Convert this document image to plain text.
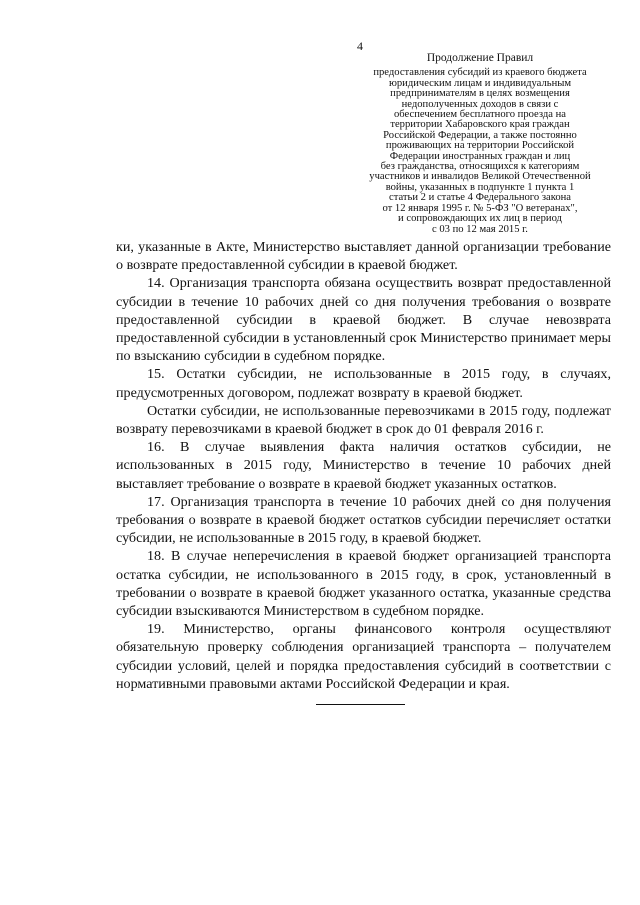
4
Продолжение Правил
предоставления субсидий из краевого бюджета
юридическим лицам и индивидуальным
предпринимателям в целях возмещения
недополученных доходов в связи с
обеспечением бесплатного проезда на
территории Хабаровского края граждан
Российской Федерации, а также постоянно
проживающих на территории Российской
Федерации иностранных граждан и лиц
без гражданства, относящихся к категориям
участников и инвалидов Великой Отечественной
войны, указанных в подпункте 1 пункта 1
статьи 2 и статье 4 Федерального закона
от 12 января 1995 г. № 5-ФЗ "О ветеранах",
и сопровождающих их лиц в период
с 03 по 12 мая 2015 г.

ки, указанные в Акте, Министерство выставляет данной организации требование о возврате предоставленной субсидии в краевой бюджет.

14. Организация транспорта обязана осуществить возврат предоставленной субсидии в течение 10 рабочих дней со дня получения требования о возврате предоставленной субсидии в краевой бюджет. В случае невозврата предоставленной субсидии в установленный срок Министерство принимает меры по взысканию субсидии в судебном порядке.

15. Остатки субсидии, не использованные в 2015 году, в случаях, предусмотренных договором, подлежат возврату в краевой бюджет.

Остатки субсидии, не использованные перевозчиками в 2015 году, подлежат возврату перевозчиками в краевой бюджет в срок до 01 февраля 2016 г.

16. В случае выявления факта наличия остатков субсидии, не использованных в 2015 году, Министерство в течение 10 рабочих дней выставляет требование о возврате в краевой бюджет указанных остатков.

17. Организация транспорта в течение 10 рабочих дней со дня получения требования о возврате в краевой бюджет остатков субсидии перечисляет остатки субсидии, не использованные в 2015 году, в краевой бюджет.

18. В случае неперечисления в краевой бюджет организацией транспорта остатка субсидии, не использованного в 2015 году, в срок, установленный в требовании о возврате в краевой бюджет указанного остатка, указанные средства субсидии взыскиваются Министерством в судебном порядке.

19. Министерство, органы финансового контроля осуществляют обязательную проверку соблюдения организацией транспорта – получателем субсидии условий, целей и порядка предоставления субсидий в соответствии с нормативными правовыми актами Российской Федерации и края.
